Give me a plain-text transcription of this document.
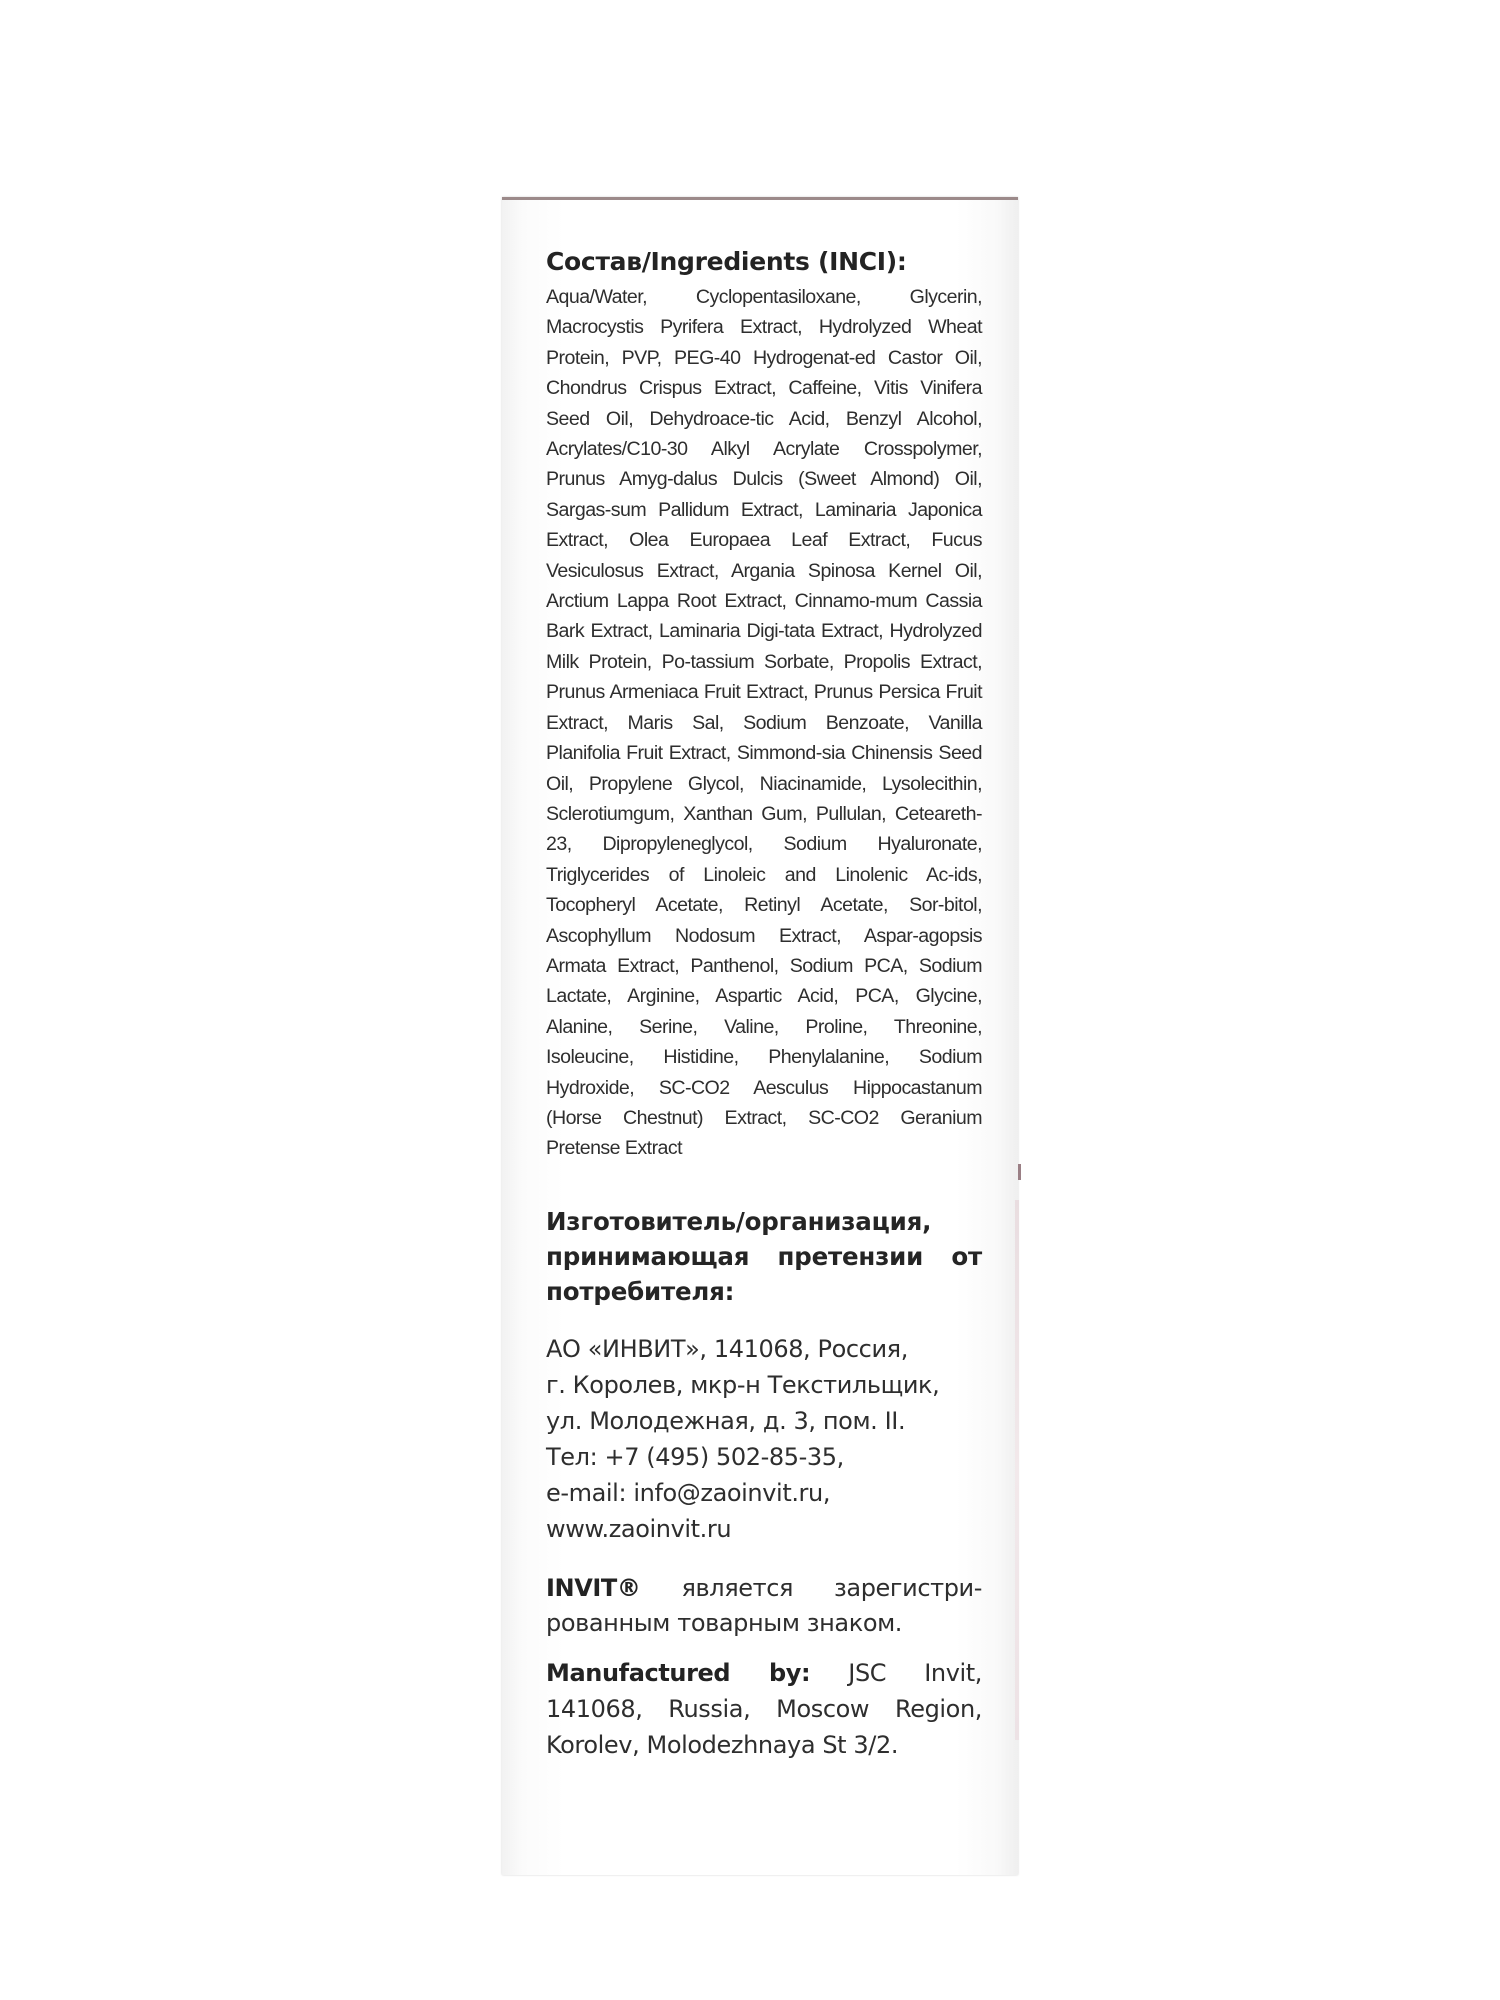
Состав/Ingredients (INCI):

Aqua/Water, Cyclopentasiloxane, Glycerin, Macrocystis Pyrifera Extract, Hydrolyzed Wheat Protein, PVP, PEG-40 Hydrogenat-ed Castor Oil, Chondrus Crispus Extract, Caffeine, Vitis Vinifera Seed Oil, Dehydroace-tic Acid, Benzyl Alcohol, Acrylates/C10-30 Alkyl Acrylate Crosspolymer, Prunus Amyg-dalus Dulcis (Sweet Almond) Oil, Sargas-sum Pallidum Extract, Laminaria Japonica Extract, Olea Europaea Leaf Extract, Fucus Vesiculosus Extract, Argania Spinosa Kernel Oil, Arctium Lappa Root Extract, Cinnamo-mum Cassia Bark Extract, Laminaria Digi-tata Extract, Hydrolyzed Milk Protein, Po-tassium Sorbate, Propolis Extract, Prunus Armeniaca Fruit Extract, Prunus Persica Fruit Extract, Maris Sal, Sodium Benzoate, Vanilla Planifolia Fruit Extract, Simmond-sia Chinensis Seed Oil, Propylene Glycol, Niacinamide, Lysolecithin, Sclerotiumgum, Xanthan Gum, Pullulan, Ceteareth-23, Dipropyleneglycol, Sodium Hyaluronate, Triglycerides of Linoleic and Linolenic Ac-ids, Tocopheryl Acetate, Retinyl Acetate, Sor-bitol, Ascophyllum Nodosum Extract, Aspar-agopsis Armata Extract, Panthenol, Sodium PCA, Sodium Lactate, Arginine, Aspartic Acid, PCA, Glycine, Alanine, Serine, Valine, Proline, Threonine, Isoleucine, Histidine, Phenylalanine, Sodium Hydroxide, SC-CO2 Aesculus Hippocastanum (Horse Chestnut) Extract, SC-CO2 Geranium Pretense Extract

Изготовитель/организация, принимающая претензии от потребителя:
АО «ИНВИТ», 141068, Россия,
г. Королев, мкр-н Текстильщик,
ул. Молодежная, д. 3, пом. II.
Тел: +7 (495) 502-85-35,
e-mail: info@zaoinvit.ru,
www.zaoinvit.ru

INVIT® является зарегистри-рованным товарным знаком.

Manufactured by: JSC Invit, 141068, Russia, Moscow Region, Korolev, Molodezhnaya St 3/2.
